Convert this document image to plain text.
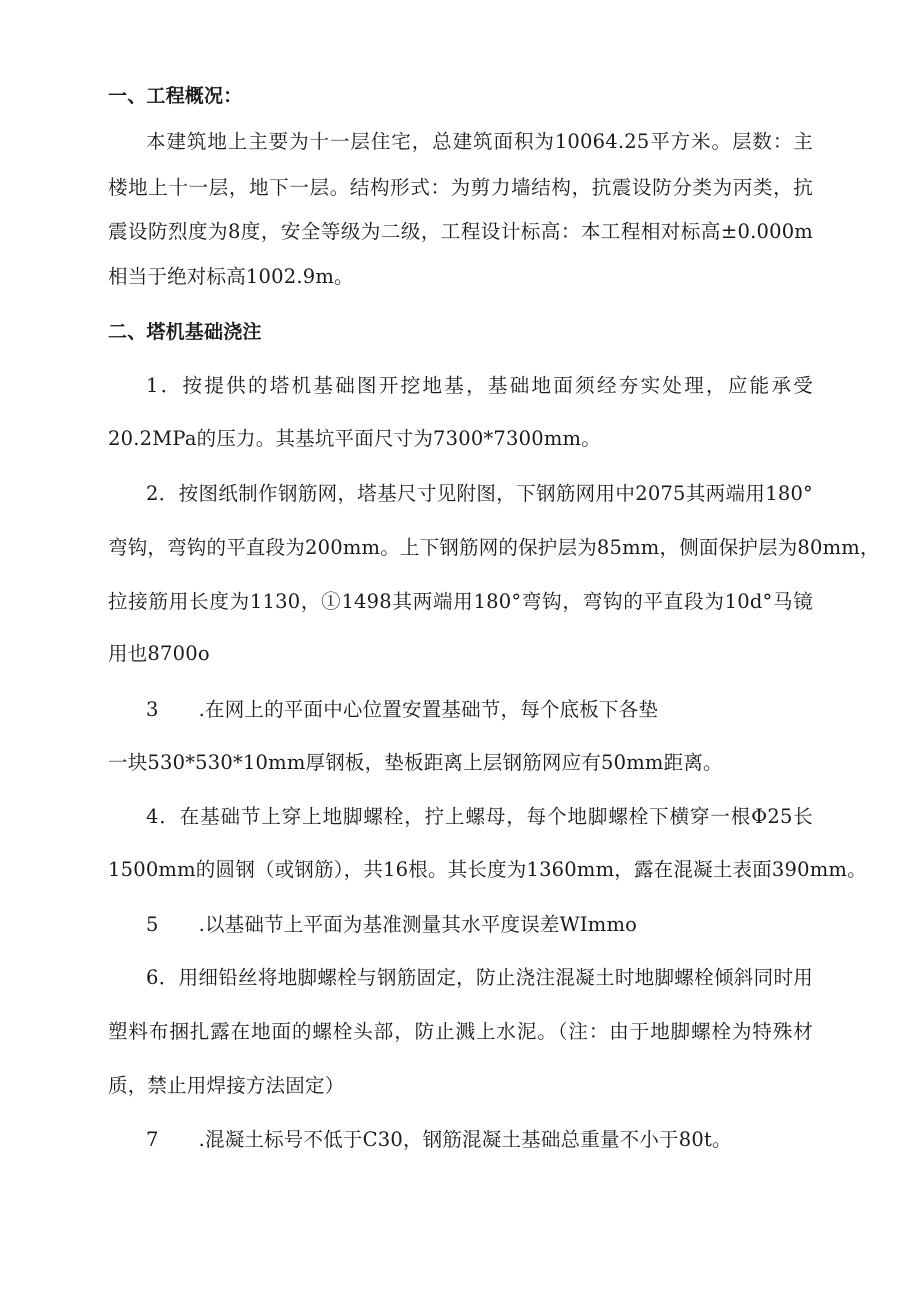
一、工程概况：
本建筑地上主要为十一层住宅，总建筑面积为10064.25平方米。层数：主
楼地上十一层，地下一层。结构形式：为剪力墙结构，抗震设防分类为丙类，抗
震设防烈度为8度，安全等级为二级，工程设计标高：本工程相对标高±0.000m
相当于绝对标高1002.9m。
二、塔机基础浇注
1．按提供的塔机基础图开挖地基，基础地面须经夯实处理，应能承受
20.2MPa的压力。其基坑平面尺寸为7300*7300mm。
2．按图纸制作钢筋网，塔基尺寸见附图，下钢筋网用中2075其两端用180°
弯钩，弯钩的平直段为200mm。上下钢筋网的保护层为85mm，侧面保护层为80mm，
拉接筋用长度为1130，①1498其两端用180°弯钩，弯钩的平直段为10d°马镜
用也8700o
3 .在网上的平面中心位置安置基础节，每个底板下各垫
一块530*530*10mm厚钢板，垫板距离上层钢筋网应有50mm距离。
4．在基础节上穿上地脚螺栓，拧上螺母，每个地脚螺栓下横穿一根Φ25长
1500mm的圆钢（或钢筋），共16根。其长度为1360mm，露在混凝土表面390mm。
5 .以基础节上平面为基准测量其水平度误差WImmo
6．用细铅丝将地脚螺栓与钢筋固定，防止浇注混凝土时地脚螺栓倾斜同时用
塑料布捆扎露在地面的螺栓头部，防止溅上水泥。（注：由于地脚螺栓为特殊材
质，禁止用焊接方法固定）
7 .混凝土标号不低于C30，钢筋混凝土基础总重量不小于80t。
